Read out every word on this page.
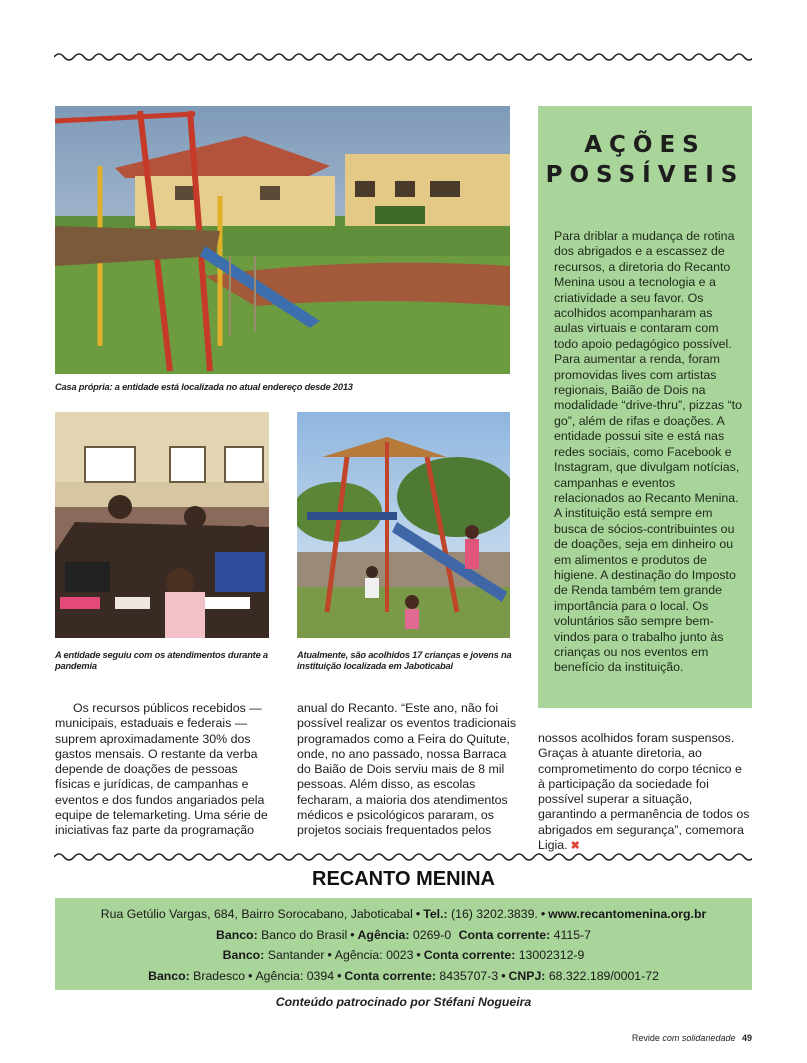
Casa própria: a entidade está localizada no atual endereço desde 2013
A entidade seguiu com os atendimentos durante a pandemia
Atualmente, são acolhidos 17 crianças e jovens na instituição localizada em Jaboticabal
AÇÕES
POSSÍVEIS

Para driblar a mudança de rotina dos abrigados e a escassez de recursos, a diretoria do Recanto Menina usou a tecnologia e a criatividade a seu favor. Os acolhidos acompanharam as aulas virtuais e contaram com todo apoio pedagógico possível. Para aumentar a renda, foram promovidas lives com artistas regionais, Baião de Dois na modalidade “drive-thru”, pizzas “to go”, além de rifas e doações. A entidade possui site e está nas redes sociais, como Facebook e Instagram, que divulgam notícias, campanhas e eventos relacionados ao Recanto Menina. A instituição está sempre em busca de sócios-contribuintes ou de doações, seja em dinheiro ou em alimentos e produtos de higiene. A destinação do Imposto de Renda também tem grande importância para o local. Os voluntários são sempre bem-vindos para o trabalho junto às crianças ou nos eventos em benefício da instituição.

Os recursos públicos recebidos — municipais, estaduais e federais — suprem aproximadamente 30% dos gastos mensais. O restante da verba depende de doações de pessoas físicas e jurídicas, de campanhas e eventos e dos fundos angariados pela equipe de telemarketing. Uma série de iniciativas faz parte da programação

anual do Recanto. “Este ano, não foi possível realizar os eventos tradicionais programados como a Feira do Quitute, onde, no ano passado, nossa Barraca do Baião de Dois serviu mais de 8 mil pessoas. Além disso, as escolas fecharam, a maioria dos atendimentos médicos e psicológicos pararam, os projetos sociais frequentados pelos

nossos acolhidos foram suspensos. Graças à atuante diretoria, ao comprometimento do corpo técnico e à participação da sociedade foi possível superar a situação, garantindo a permanência de todos os abrigados em segurança”, comemora Ligia. ✖

RECANTO MENINA
Rua Getúlio Vargas, 684, Bairro Sorocabano, Jaboticabal • Tel.: (16) 3202.3839. • www.recantomenina.org.br
Banco: Banco do Brasil • Agência: 0269-0 Conta corrente: 4115-7
Banco: Santander • Agência: 0023 • Conta corrente: 13002312-9
Banco: Bradesco • Agência: 0394 • Conta corrente: 8435707-3 • CNPJ: 68.322.189/0001-72
Conteúdo patrocinado por Stéfani Nogueira
Revide com solidariedade 49
